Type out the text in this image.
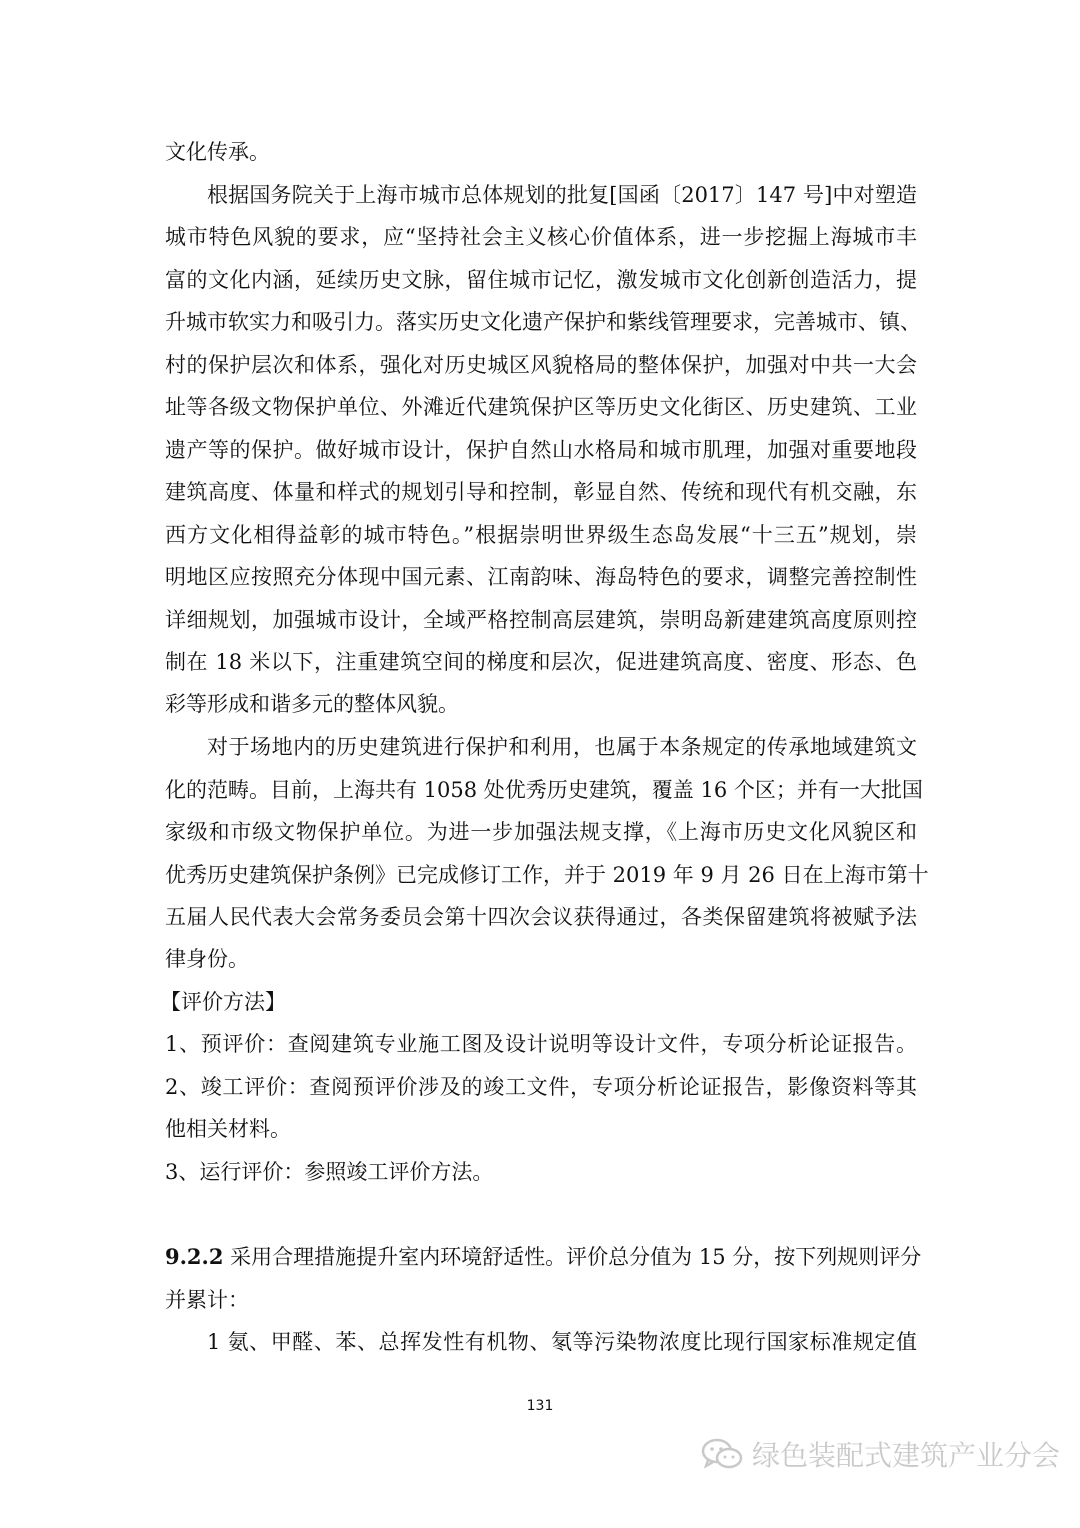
文化传承。
根据国务院关于上海市城市总体规划的批复[国函〔2017〕147 号]中对塑造
城市特色风貌的要求，应“坚持社会主义核心价值体系，进一步挖掘上海城市丰
富的文化内涵，延续历史文脉，留住城市记忆，激发城市文化创新创造活力，提
升城市软实力和吸引力。落实历史文化遗产保护和紫线管理要求，完善城市、镇、
村的保护层次和体系，强化对历史城区风貌格局的整体保护，加强对中共一大会
址等各级文物保护单位、外滩近代建筑保护区等历史文化街区、历史建筑、工业
遗产等的保护。做好城市设计，保护自然山水格局和城市肌理，加强对重要地段
建筑高度、体量和样式的规划引导和控制，彰显自然、传统和现代有机交融，东
西方文化相得益彰的城市特色。”根据崇明世界级生态岛发展“十三五”规划，崇
明地区应按照充分体现中国元素、江南韵味、海岛特色的要求，调整完善控制性
详细规划，加强城市设计，全域严格控制高层建筑，崇明岛新建建筑高度原则控
制在 18 米以下，注重建筑空间的梯度和层次，促进建筑高度、密度、形态、色
彩等形成和谐多元的整体风貌。
对于场地内的历史建筑进行保护和利用，也属于本条规定的传承地域建筑文
化的范畴。目前，上海共有 1058 处优秀历史建筑，覆盖 16 个区；并有一大批国
家级和市级文物保护单位。为进一步加强法规支撑，《上海市历史文化风貌区和
优秀历史建筑保护条例》已完成修订工作，并于 2019 年 9 月 26 日在上海市第十
五届人民代表大会常务委员会第十四次会议获得通过，各类保留建筑将被赋予法
律身份。
【评价方法】
1、预评价：查阅建筑专业施工图及设计说明等设计文件，专项分析论证报告。
2、竣工评价：查阅预评价涉及的竣工文件，专项分析论证报告，影像资料等其
他相关材料。
3、运行评价：参照竣工评价方法。
9.2.2 采用合理措施提升室内环境舒适性。评价总分值为 15 分，按下列规则评分
并累计：
1 氨、甲醛、苯、总挥发性有机物、氡等污染物浓度比现行国家标准规定值
131
绿色装配式建筑产业分会
